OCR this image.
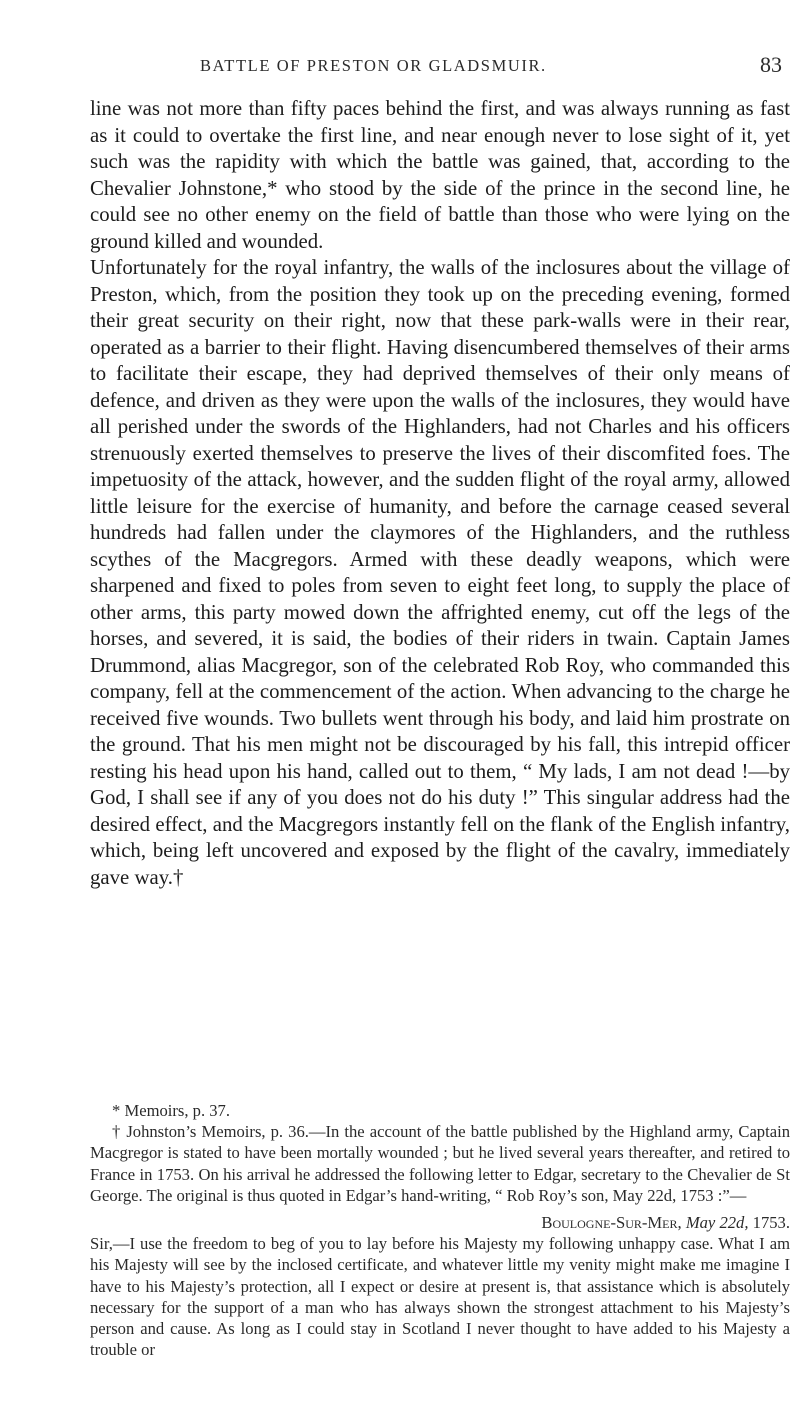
BATTLE OF PRESTON OR GLADSMUIR.	83

line was not more than fifty paces behind the first, and was always running as fast as it could to overtake the first line, and near enough never to lose sight of it, yet such was the rapidity with which the battle was gained, that, according to the Chevalier Johnstone,* who stood by the side of the prince in the second line, he could see no other enemy on the field of battle than those who were lying on the ground killed and wounded.

Unfortunately for the royal infantry, the walls of the inclosures about the village of Preston, which, from the position they took up on the preceding evening, formed their great security on their right, now that these park-walls were in their rear, operated as a barrier to their flight. Having disencumbered themselves of their arms to facilitate their escape, they had deprived themselves of their only means of defence, and driven as they were upon the walls of the inclosures, they would have all perished under the swords of the Highlanders, had not Charles and his officers strenuously exerted themselves to preserve the lives of their discomfited foes. The impetuosity of the attack, however, and the sudden flight of the royal army, allowed little leisure for the exercise of humanity, and before the carnage ceased several hundreds had fallen under the claymores of the Highlanders, and the ruthless scythes of the Macgregors. Armed with these deadly weapons, which were sharpened and fixed to poles from seven to eight feet long, to supply the place of other arms, this party mowed down the affrighted enemy, cut off the legs of the horses, and severed, it is said, the bodies of their riders in twain. Captain James Drummond, alias Macgregor, son of the celebrated Rob Roy, who commanded this company, fell at the commencement of the action. When advancing to the charge he received five wounds. Two bullets went through his body, and laid him prostrate on the ground. That his men might not be discouraged by his fall, this intrepid officer resting his head upon his hand, called out to them, “ My lads, I am not dead !—by God, I shall see if any of you does not do his duty !” This singular address had the desired effect, and the Macgregors instantly fell on the flank of the English infantry, which, being left uncovered and exposed by the flight of the cavalry, immediately gave way.†

* Memoirs, p. 37.

† Johnston’s Memoirs, p. 36.—In the account of the battle published by the Highland army, Captain Macgregor is stated to have been mortally wounded ; but he lived several years thereafter, and retired to France in 1753. On his arrival he addressed the following letter to Edgar, secretary to the Chevalier de St George. The original is thus quoted in Edgar’s hand-writing, “ Rob Roy’s son, May 22d, 1753 :”—

Boulogne-Sur-Mer, May 22d, 1753.

Sir,—I use the freedom to beg of you to lay before his Majesty my following unhappy case. What I am his Majesty will see by the inclosed certificate, and whatever little my venity might make me imagine I have to his Majesty’s protection, all I expect or desire at present is, that assistance which is absolutely necessary for the support of a man who has always shown the strongest attachment to his Majesty’s person and cause. As long as I could stay in Scotland I never thought to have added to his Majesty a trouble or
